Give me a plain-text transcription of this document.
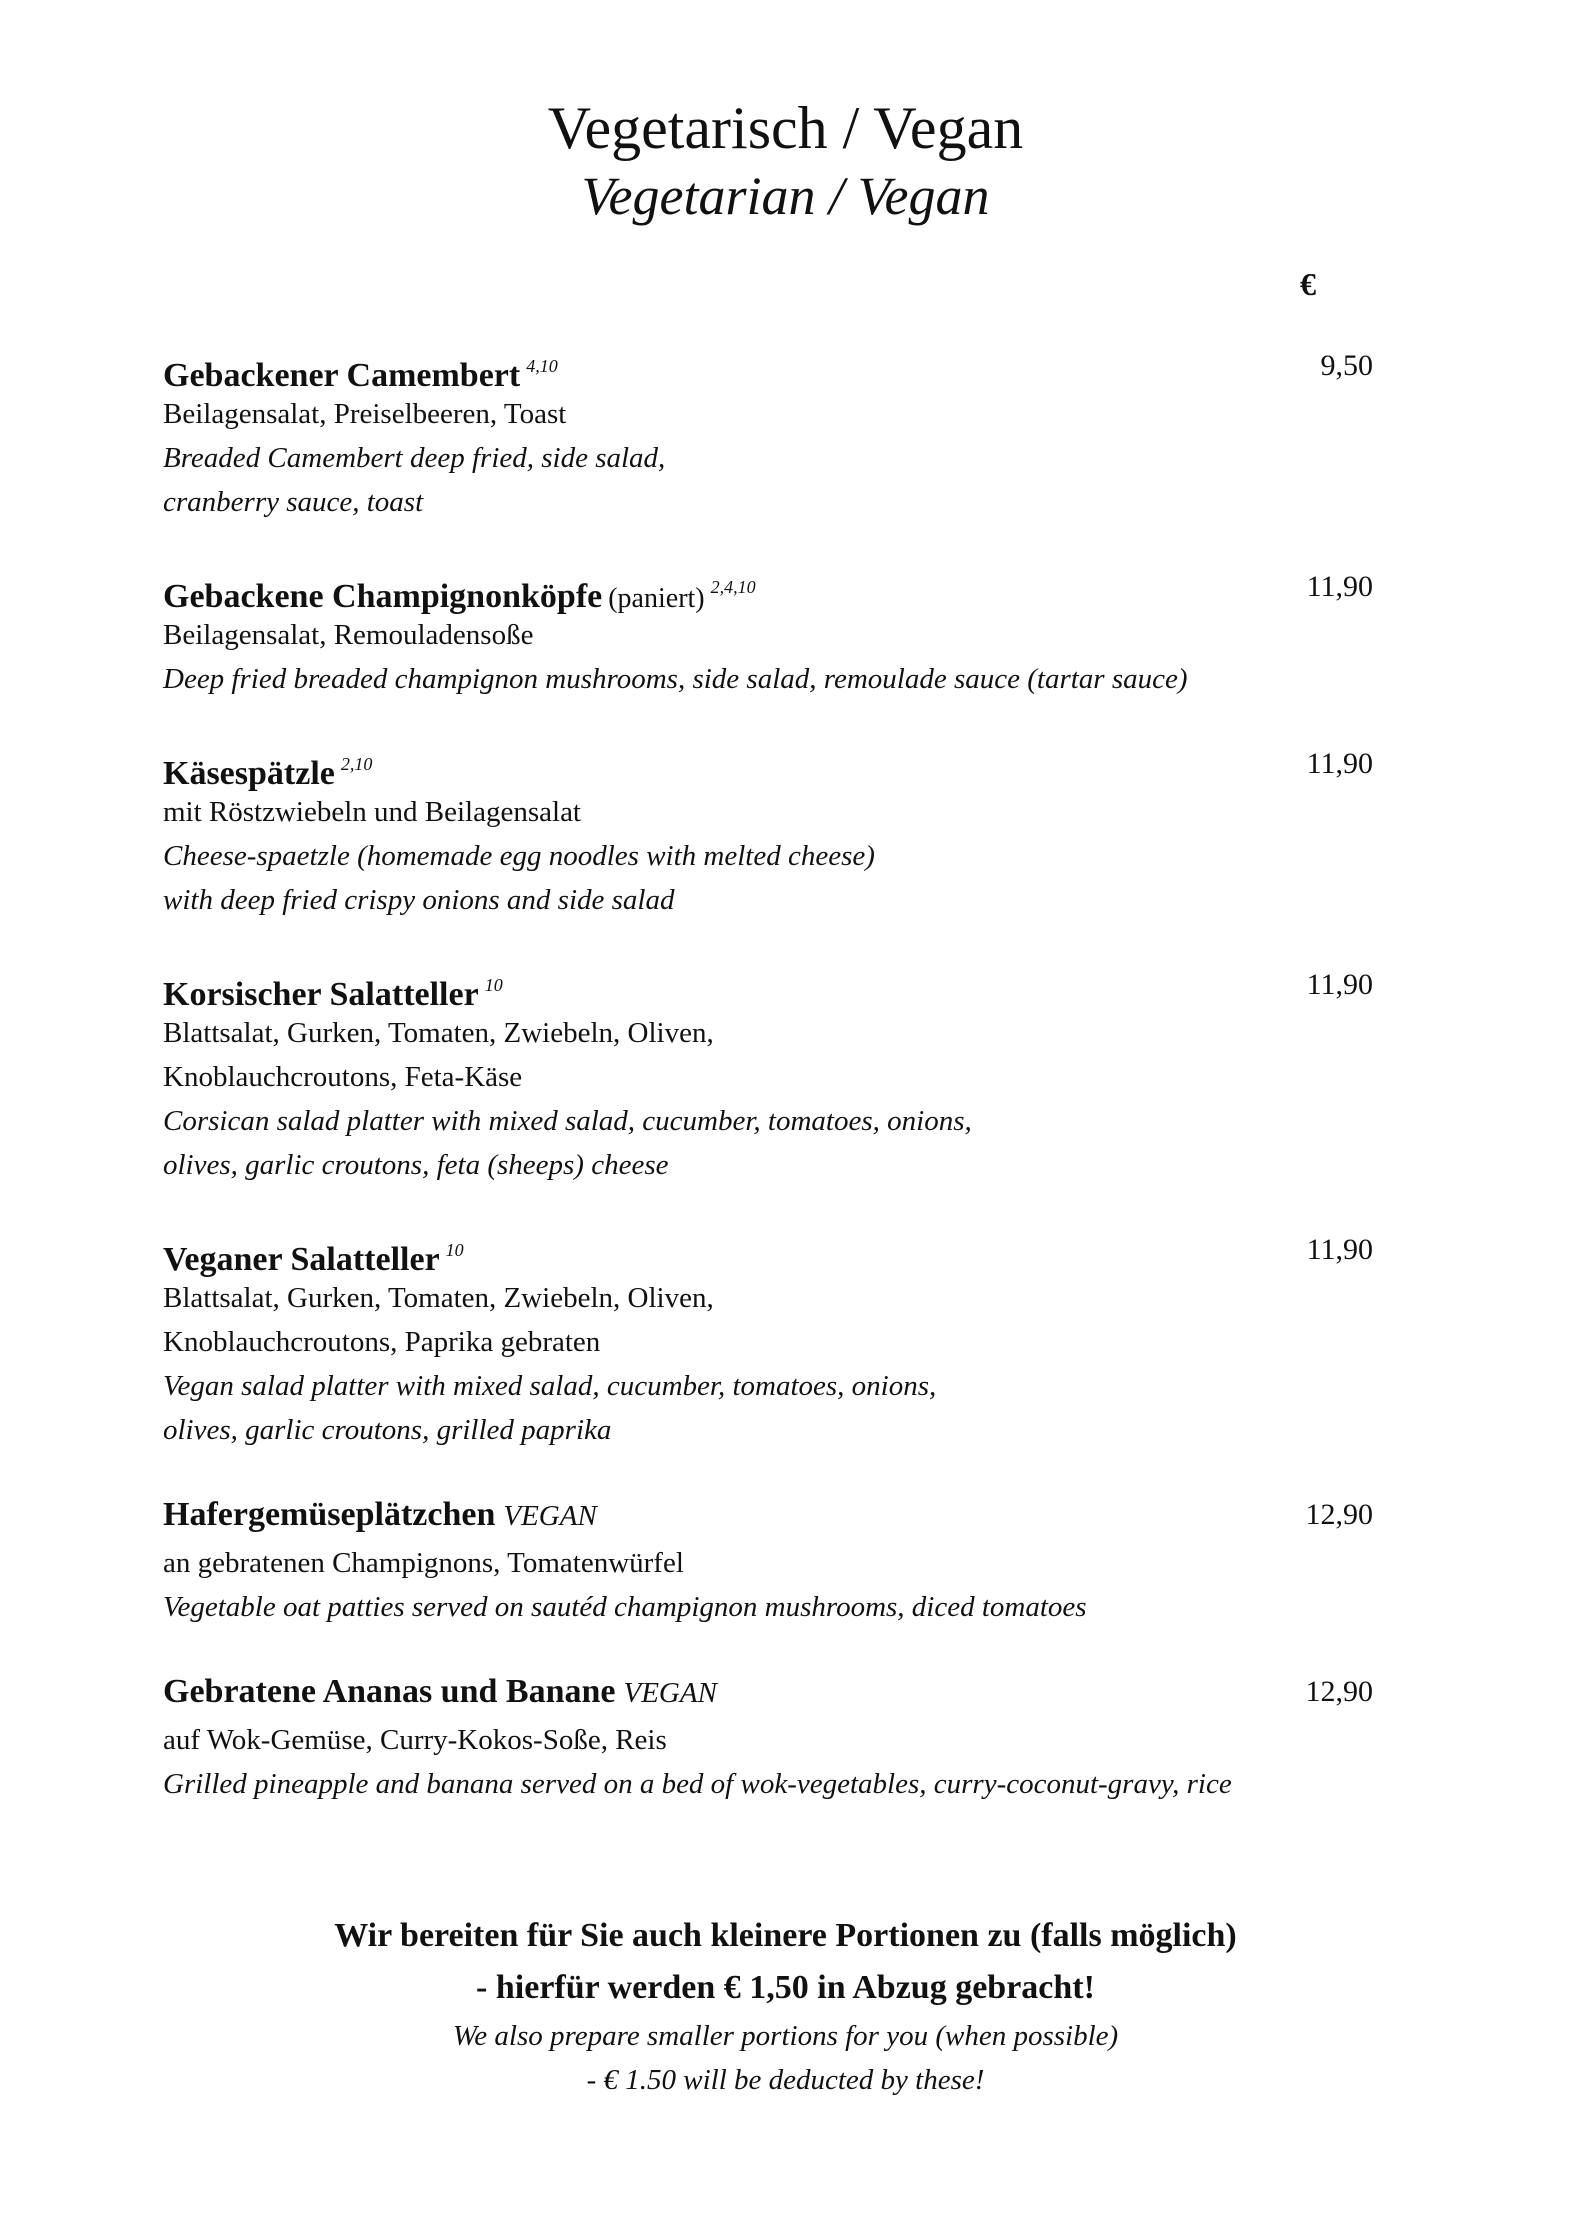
Vegetarisch / Vegan
Vegetarian / Vegan
€
Gebackener Camembert 4,10	9,50
Beilagensalat, Preiselbeeren, Toast
Breaded Camembert deep fried, side salad,
cranberry sauce, toast
Gebackene Champignonköpfe (paniert) 2,4,10	11,90
Beilagensalat, Remouladensoße
Deep fried breaded champignon mushrooms, side salad, remoulade sauce (tartar sauce)
Käsespätzle 2,10	11,90
mit Röstzwiebeln und Beilagensalat
Cheese-spaetzle (homemade egg noodles with melted cheese)
with deep fried crispy onions and side salad
Korsischer Salatteller 10	11,90
Blattsalat, Gurken, Tomaten, Zwiebeln, Oliven,
Knoblauchcroutons, Feta-Käse
Corsican salad platter with mixed salad, cucumber, tomatoes, onions,
olives, garlic croutons, feta (sheeps) cheese
Veganer Salatteller 10	11,90
Blattsalat, Gurken, Tomaten, Zwiebeln, Oliven,
Knoblauchcroutons, Paprika gebraten
Vegan salad platter with mixed salad, cucumber, tomatoes, onions,
olives, garlic croutons, grilled paprika
Hafergemüseplätzchen VEGAN	12,90
an gebratenen Champignons, Tomatenwürfel
Vegetable oat patties served on sautéd champignon mushrooms, diced tomatoes
Gebratene Ananas und Banane VEGAN	12,90
auf Wok-Gemüse, Curry-Kokos-Soße, Reis
Grilled pineapple and banana served on a bed of wok-vegetables, curry-coconut-gravy, rice
Wir bereiten für Sie auch kleinere Portionen zu (falls möglich)
- hierfür werden € 1,50 in Abzug gebracht!
We also prepare smaller portions for you (when possible)
- € 1.50 will be deducted by these!
